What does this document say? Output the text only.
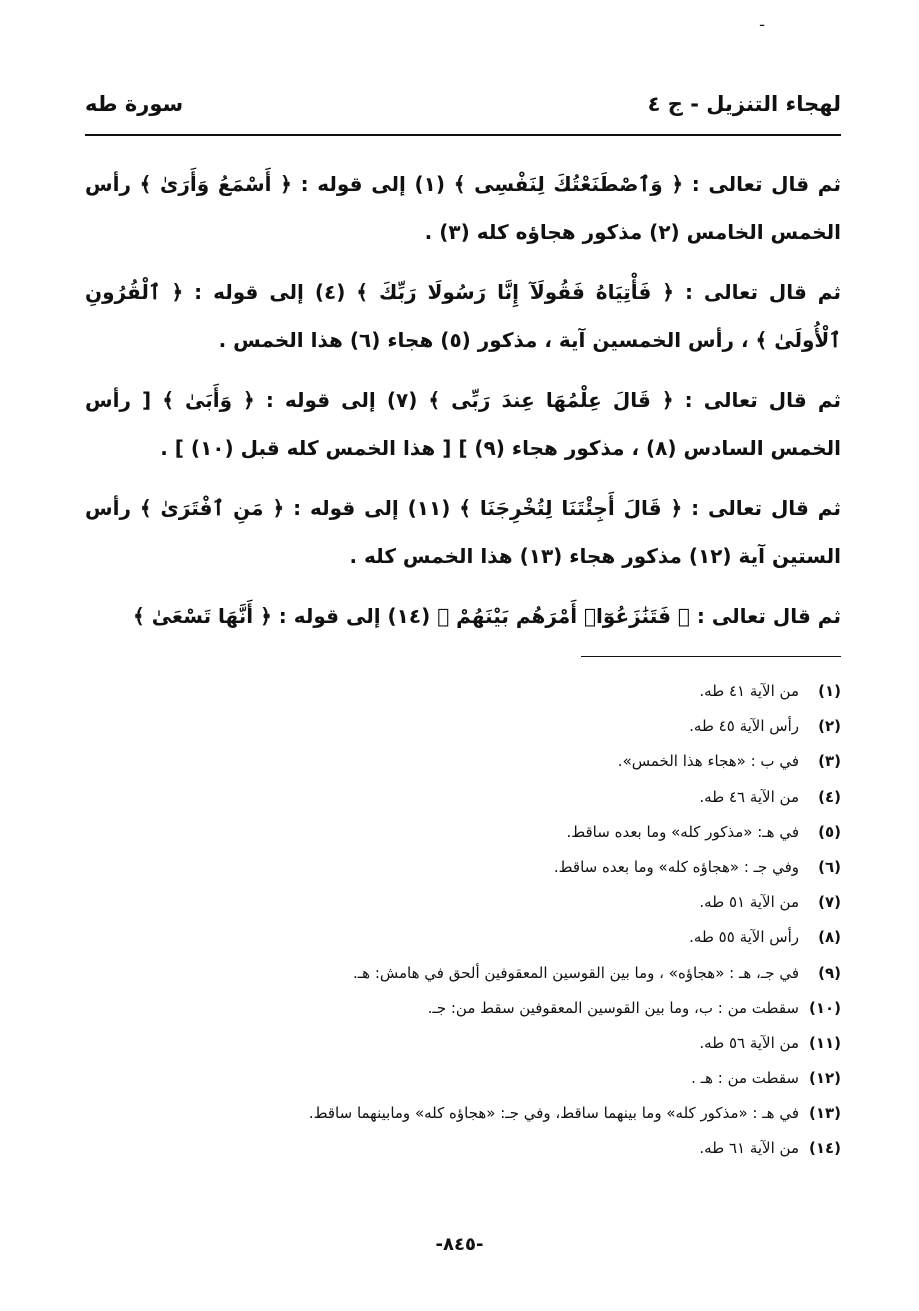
ـ
لهجاء التنزيل - ج ٤
سورة طه

ثم قال تعالى : ﴿ وَٱصْطَنَعْتُكَ لِنَفْسِى ﴾ (١) إلى قوله : ﴿ أَسْمَعُ وَأَرَىٰ ﴾ رأس الخمس الخامس (٢) مذكور هجاؤه كله (٣) .

ثم قال تعالى : ﴿ فَأْتِيَاهُ فَقُولَآ إِنَّا رَسُولَا رَبِّكَ ﴾ (٤) إلى قوله : ﴿ ٱلْقُرُونِ ٱلْأُولَىٰ ﴾ ، رأس الخمسين آية ، مذكور (٥) هجاء (٦) هذا الخمس .

ثم قال تعالى : ﴿ قَالَ عِلْمُهَا عِندَ رَبِّى ﴾ (٧) إلى قوله : ﴿ وَأَبَىٰ ﴾ [ رأس الخمس السادس (٨) ، مذكور هجاء (٩) ] [ هذا الخمس كله قبل (١٠) ] .

ثم قال تعالى : ﴿ قَالَ أَجِئْتَنَا لِتُخْرِجَنَا ﴾ (١١) إلى قوله : ﴿ مَنِ ٱفْتَرَىٰ ﴾ رأس الستين آية (١٢) مذكور هجاء (١٣) هذا الخمس كله .

ثم قال تعالى : ﴿ فَتَنَٰزَعُوٓا۟ أَمْرَهُم بَيْنَهُمْ ﴾ (١٤) إلى قوله : ﴿ أَنَّهَا تَسْعَىٰ ﴾

(١)من الآية ٤١ طه.
(٢)رأس الآية ٤٥ طه.
(٣)في ب : «هجاء هذا الخمس».
(٤)من الآية ٤٦ طه.
(٥)في هـ: «مذكور كله» وما بعده ساقط.
(٦)وفي جـ : «هجاؤه كله» وما بعده ساقط.
(٧)من الآية ٥١ طه.
(٨)رأس الآية ٥٥ طه.
(٩)في جـ، هـ : «هجاؤه» ، وما بين القوسين المعقوفين ألحق في هامش: هـ.
(١٠)سقطت من : ب، وما بين القوسين المعقوفين سقط من: جـ.
(١١)من الآية ٥٦ طه.
(١٢)سقطت من : هـ .
(١٣)في هـ : «مذكور كله» وما بينهما ساقط، وفي جـ: «هجاؤه كله» ومابينهما ساقط.
(١٤)من الآية ٦١ طه.
-٨٤٥-
